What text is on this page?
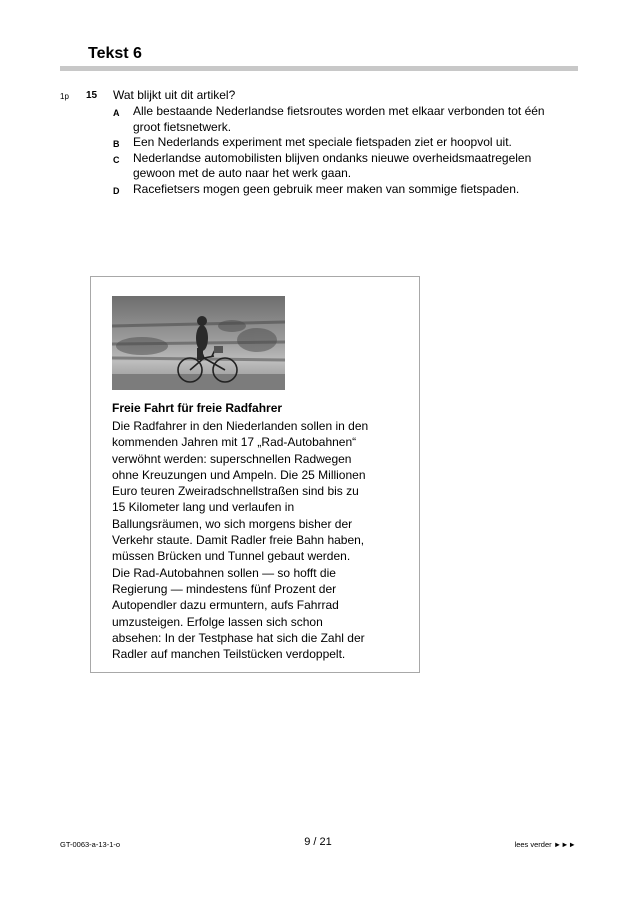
Tekst 6
1p 15 Wat blijkt uit dit artikel?
A Alle bestaande Nederlandse fietsroutes worden met elkaar verbonden tot één groot fietsnetwerk.
B Een Nederlands experiment met speciale fietspaden ziet er hoopvol uit.
C Nederlandse automobilisten blijven ondanks nieuwe overheidsmaatregelen gewoon met de auto naar het werk gaan.
D Racefietsers mogen geen gebruik meer maken van sommige fietspaden.
Freie Fahrt für freie Radfahrer
Die Radfahrer in den Niederlanden sollen in den
kommenden Jahren mit 17 „Rad-Autobahnen“
verwöhnt werden: superschnellen Radwegen
ohne Kreuzungen und Ampeln. Die 25 Millionen
Euro teuren Zweiradschnellstraßen sind bis zu
15 Kilometer lang und verlaufen in
Ballungsräumen, wo sich morgens bisher der
Verkehr staute. Damit Radler freie Bahn haben,
müssen Brücken und Tunnel gebaut werden.
Die Rad-Autobahnen sollen — so hofft die
Regierung — mindestens fünf Prozent der
Autopendler dazu ermuntern, aufs Fahrrad
umzusteigen. Erfolge lassen sich schon
absehen: In der Testphase hat sich die Zahl der
Radler auf manchen Teilstücken verdoppelt.
GT-0063-a-13-1-o	9 / 21	lees verder ►►►
